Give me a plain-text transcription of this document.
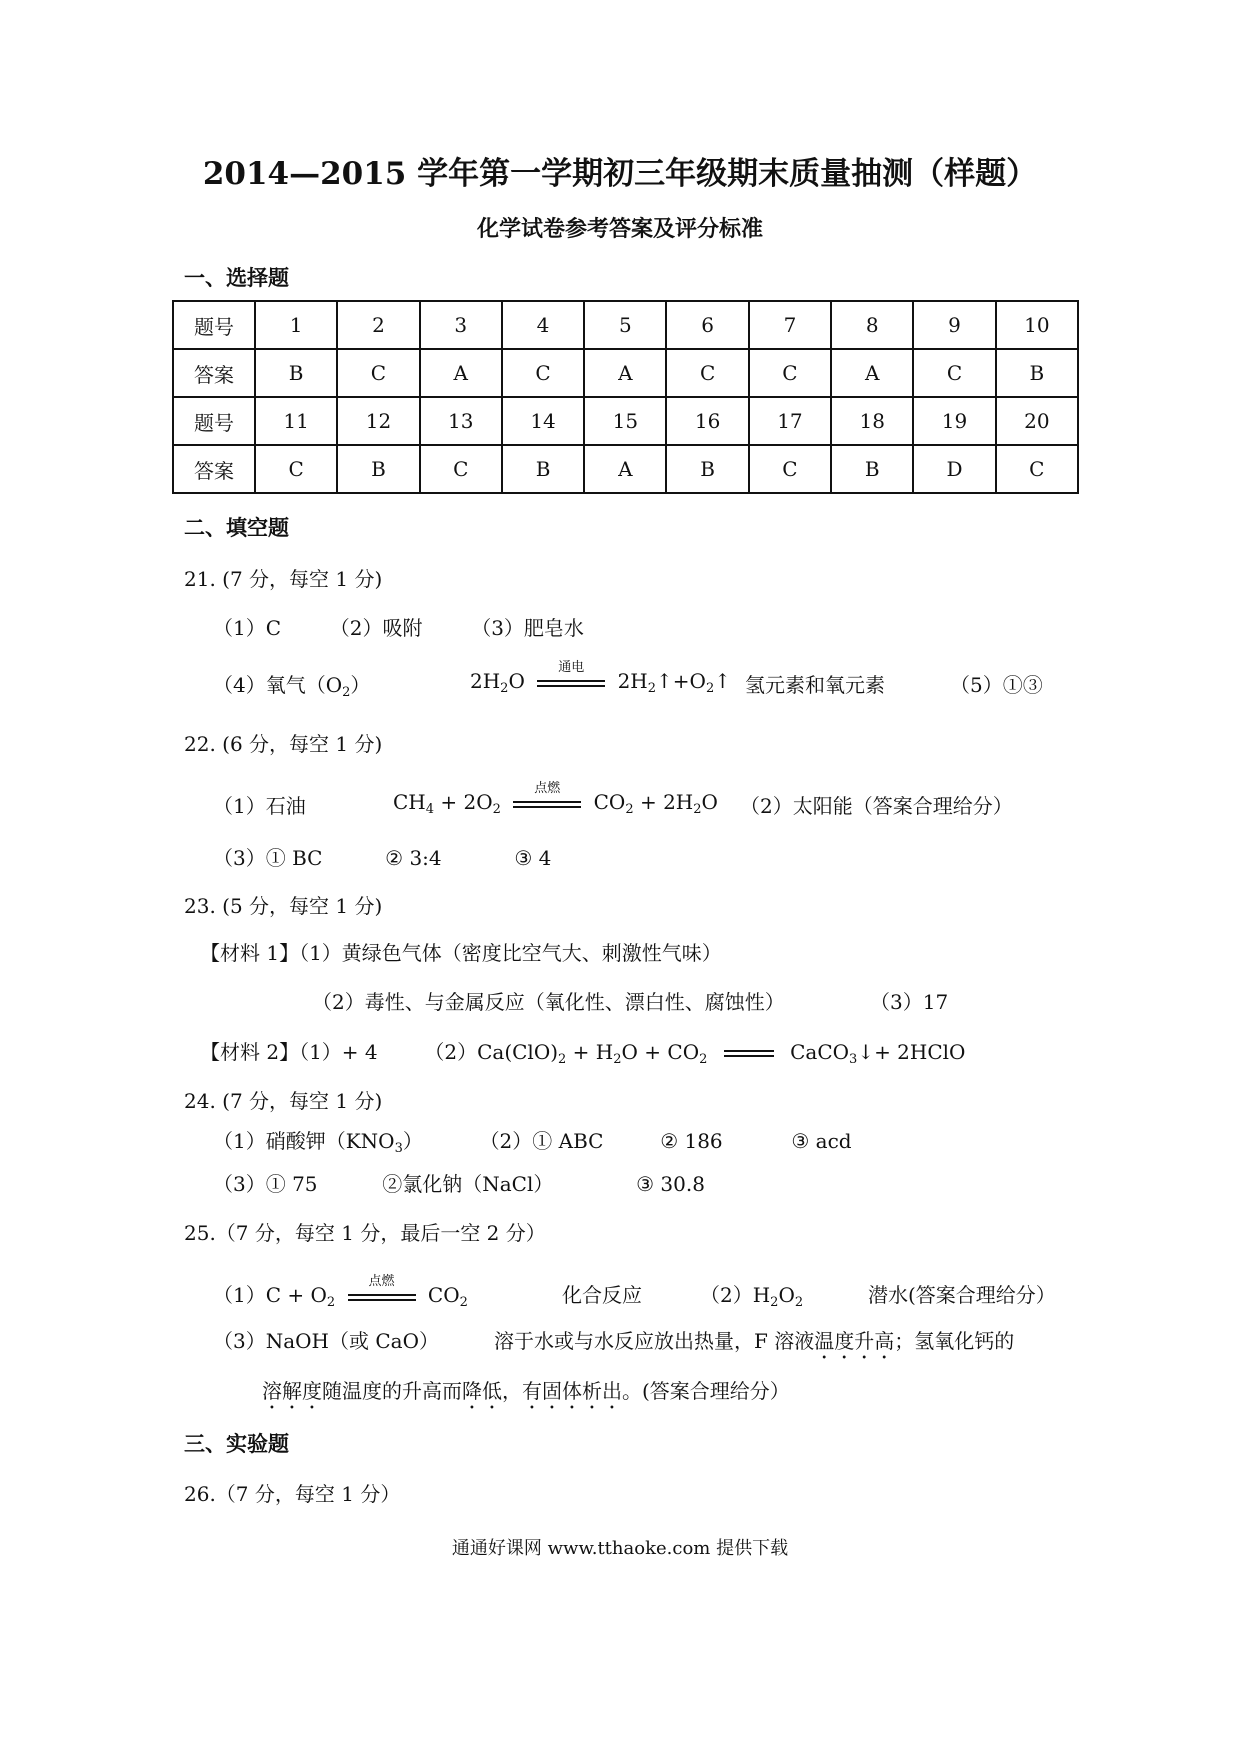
2014—2015 学年第一学期初三年级期末质量抽测（样题）
化学试卷参考答案及评分标准
一、选择题
题号	1	2	3	4	5	6	7	8	9	10
答案	B	C	A	C	A	C	C	A	C	B
题号	11	12	13	14	15	16	17	18	19	20
答案	C	B	C	B	A	B	C	B	D	C
二、填空题
21. (7 分，每空 1 分)
（1）C （2）吸附 （3）肥皂水
（4）氧气$(O_2)$	$2H_2O$
通电
$2H_2↑+O_2↑$ 氢元素和氧元素	（5）①③
22. (6 分，每空 1 分)
（1）石油	$CH_4 + 2O_2$
点燃
$CO_2 + 2H_2O$ （2）太阳能（答案合理给分）
（3）① BC	② 3:4	③ 4
23. (5 分，每空 1 分)
【材料 1】（1）黄绿色气体（密度比空气大、刺激性气味）
（2）毒性、与金属反应（氧化性、漂白性、腐蚀性）	（3）17
【材料 2】（1）+ 4 $(2)Ca(ClO)_2 + H_2O + CO_2$	CaCO$_3$↓+ 2HClO
24. (7 分，每空 1 分)
（1）硝酸钾$(KNO_3)$	（2）① ABC	② 186	③ acd
（3）① 75	②氯化钠（NaCl）	③ 30.8
25.（7 分，每空 1 分，最后一空 2 分）
$(1)C + O_2$
点燃
$CO_2$	化合反应	$(2)H_2O_2$	潜水(答案合理给分）
（3）NaOH（或 CaO）	溶于水或与水反应放出热量，F 溶液温度升高；氢氧化钙的
溶解度随温度的升高而降低，有固体析出。(答案合理给分）
三、实验题
26.（7 分，每空 1 分）
通通好课网 www.tthaoke.com 提供下载
